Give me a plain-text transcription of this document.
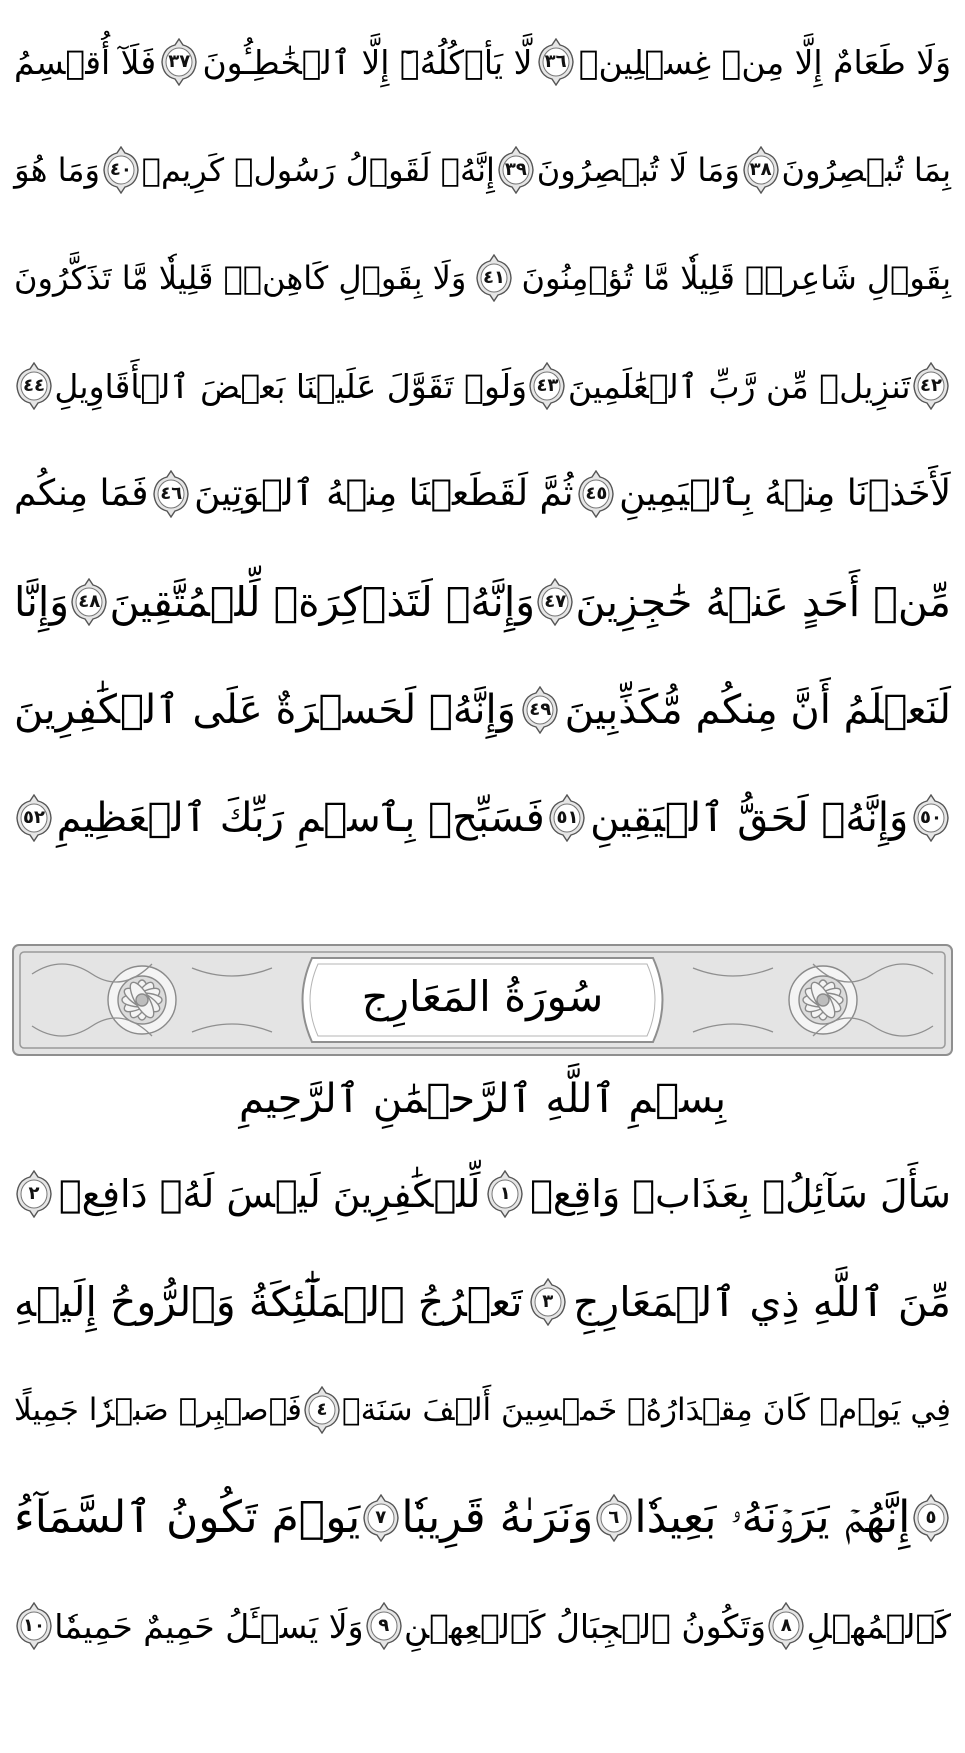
وَلَا طَعَامٌ إِلَّا مِنۡ غِسۡلِينٖ
٣٦
لَّا يَأۡكُلُهُۥٓ إِلَّا ٱلۡخَٰطِـُٔونَ
٣٧
فَلَآ أُقۡسِمُ
بِمَا تُبۡصِرُونَ
٣٨
وَمَا لَا تُبۡصِرُونَ
٣٩
إِنَّهُۥ لَقَوۡلُ رَسُولٖ كَرِيمٖ
٤٠
وَمَا هُوَ
بِقَوۡلِ شَاعِرٖۚ قَلِيلٗا مَّا تُؤۡمِنُونَ
٤١
وَلَا بِقَوۡلِ كَاهِنٖۚ قَلِيلٗا مَّا تَذَكَّرُونَ
٤٢
تَنزِيلٞ مِّن رَّبِّ ٱلۡعَٰلَمِينَ
٤٣
وَلَوۡ تَقَوَّلَ عَلَيۡنَا بَعۡضَ ٱلۡأَقَاوِيلِ
٤٤
لَأَخَذۡنَا مِنۡهُ بِٱلۡيَمِينِ
٤٥
ثُمَّ لَقَطَعۡنَا مِنۡهُ ٱلۡوَتِينَ
٤٦
فَمَا مِنكُم
مِّنۡ أَحَدٍ عَنۡهُ حَٰجِزِينَ
٤٧
وَإِنَّهُۥ لَتَذۡكِرَةٞ لِّلۡمُتَّقِينَ
٤٨
وَإِنَّا
لَنَعۡلَمُ أَنَّ مِنكُم مُّكَذِّبِينَ
٤٩
وَإِنَّهُۥ لَحَسۡرَةٌ عَلَى ٱلۡكَٰفِرِينَ
٥٠
وَإِنَّهُۥ لَحَقُّ ٱلۡيَقِينِ
٥١
فَسَبِّحۡ بِٱسۡمِ رَبِّكَ ٱلۡعَظِيمِ
٥٢
سُورَةُ المَعَارِج
بِسۡمِ ٱللَّهِ ٱلرَّحۡمَٰنِ ٱلرَّحِيمِ
سَأَلَ سَآئِلُۢ بِعَذَابٖ وَاقِعٖ
١
لِّلۡكَٰفِرِينَ لَيۡسَ لَهُۥ دَافِعٞ
٢
مِّنَ ٱللَّهِ ذِي ٱلۡمَعَارِجِ
٣
تَعۡرُجُ ٱلۡمَلَٰٓئِكَةُ وَٱلرُّوحُ إِلَيۡهِ
فِي يَوۡمٖ كَانَ مِقۡدَارُهُۥ خَمۡسِينَ أَلۡفَ سَنَةٖ
٤
فَٱصۡبِرۡ صَبۡرٗا جَمِيلًا
٥
إِنَّهُمۡ يَرَوۡنَهُۥ بَعِيدٗا
٦
وَنَرَىٰهُ قَرِيبٗا
٧
يَوۡمَ تَكُونُ ٱلسَّمَآءُ
كَٱلۡمُهۡلِ
٨
وَتَكُونُ ٱلۡجِبَالُ كَٱلۡعِهۡنِ
٩
وَلَا يَسۡـَٔلُ حَمِيمٌ حَمِيمٗا
١٠
